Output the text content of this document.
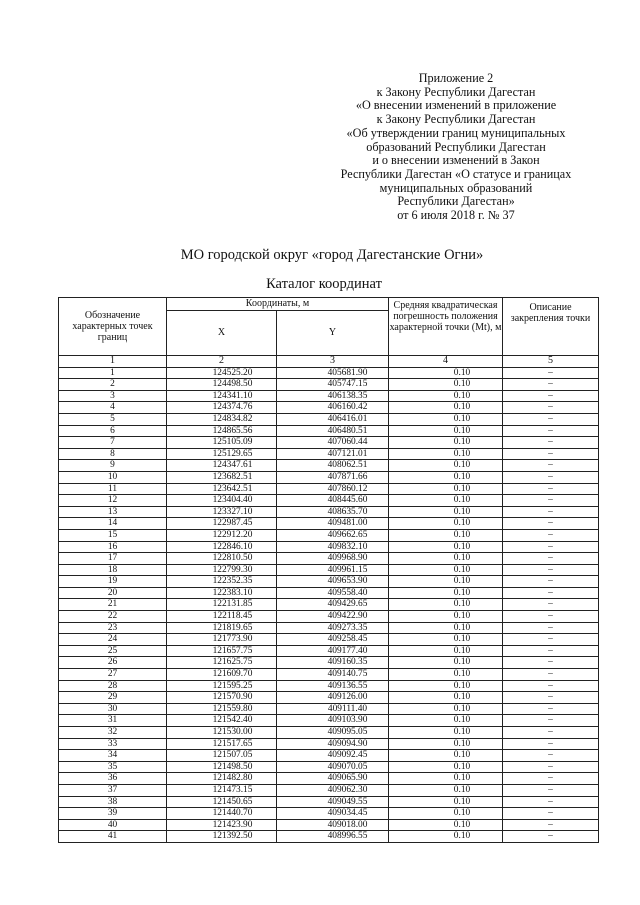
Приложение 2
к Закону Республики Дагестан
«О внесении изменений в приложение
к Закону Республики Дагестан
«Об утверждении границ муниципальных
образований Республики Дагестан
и о внесении изменений в Закон
Республики Дагестан «О статусе и границах
муниципальных образований
Республики Дагестан»
от 6 июля 2018 г. № 37
МО городской округ «город Дагестанские Огни»
Каталог координат
Обозначение характерных точек границ	Координаты, м		Средняя квадратическая погрешность положения характерной точки (Мt), м	Описание закрепления точки
	X	Y		
1	2	3	4	5
1	124525.20	405681.90	0.10	–
2	124498.50	405747.15	0.10	–
3	124341.10	406138.35	0.10	–
4	124374.76	406160.42	0.10	–
5	124834.82	406416.01	0.10	–
6	124865.56	406480.51	0.10	–
7	125105.09	407060.44	0.10	–
8	125129.65	407121.01	0.10	–
9	124347.61	408062.51	0.10	–
10	123682.51	407871.66	0.10	–
11	123642.51	407860.12	0.10	–
12	123404.40	408445.60	0.10	–
13	123327.10	408635.70	0.10	–
14	122987.45	409481.00	0.10	–
15	122912.20	409662.65	0.10	–
16	122846.10	409832.10	0.10	–
17	122810.50	409968.90	0.10	–
18	122799.30	409961.15	0.10	–
19	122352.35	409653.90	0.10	–
20	122383.10	409558.40	0.10	–
21	122131.85	409429.65	0.10	–
22	122118.45	409422.90	0.10	–
23	121819.65	409273.35	0.10	–
24	121773.90	409258.45	0.10	–
25	121657.75	409177.40	0.10	–
26	121625.75	409160.35	0.10	–
27	121609.70	409140.75	0.10	–
28	121595.25	409136.55	0.10	–
29	121570.90	409126.00	0.10	–
30	121559.80	409111.40	0.10	–
31	121542.40	409103.90	0.10	–
32	121530.00	409095.05	0.10	–
33	121517.65	409094.90	0.10	–
34	121507.05	409092.45	0.10	–
35	121498.50	409070.05	0.10	–
36	121482.80	409065.90	0.10	–
37	121473.15	409062.30	0.10	–
38	121450.65	409049.55	0.10	–
39	121440.70	409034.45	0.10	–
40	121423.90	409018.00	0.10	–
41	121392.50	408996.55	0.10	–
